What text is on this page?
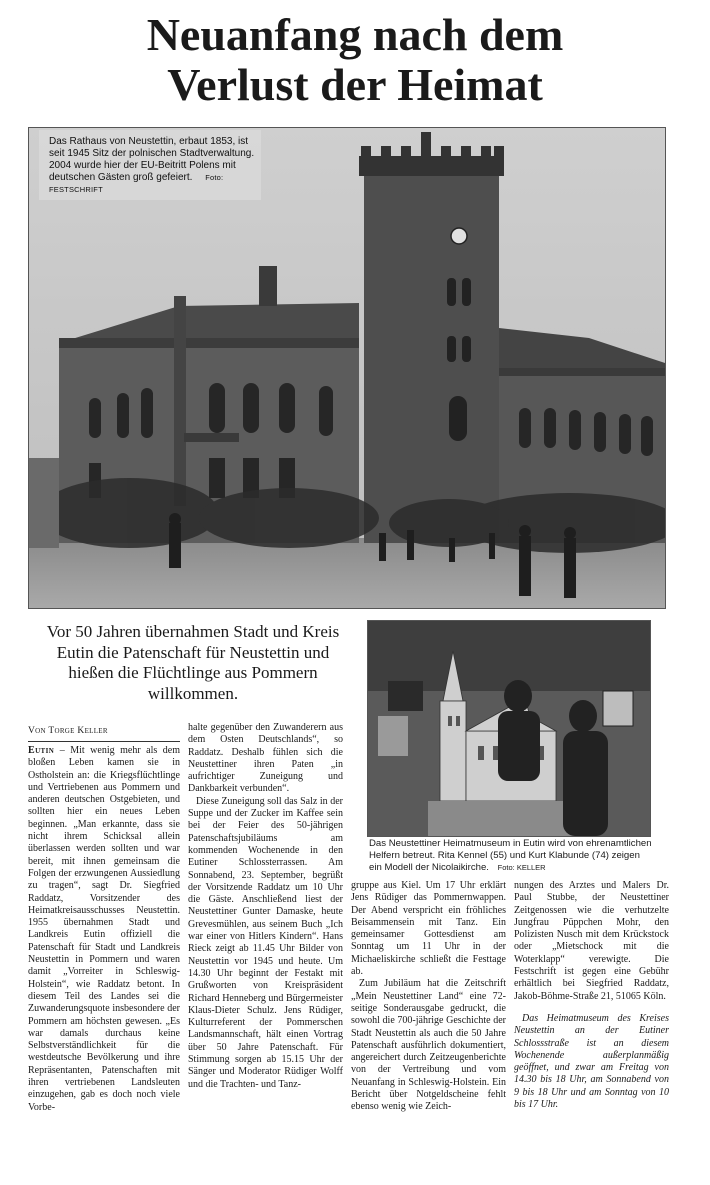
Neuanfang nach dem
Verlust der Heimat
Das Rathaus von Neustettin, erbaut 1853, ist seit 1945 Sitz der polnischen Stadtverwaltung. 2004 wurde hier der EU-Beitritt Polens mit deutschen Gästen groß gefeiert. Foto: FESTSCHRIFT
Vor 50 Jahren übernahmen Stadt und Kreis Eutin die Patenschaft für Neustettin und hießen die Flüchtlinge aus Pommern willkommen.
Das Neustettiner Heimatmuseum in Eutin wird von ehrenamtlichen Helfern betreut. Rita Kennel (55) und Kurt Klabunde (74) zeigen ein Modell der Nicolaikirche. Foto: KELLER
Von Torge Keller

Eutin – Mit wenig mehr als dem bloßen Leben kamen sie in Ostholstein an: die Kriegsflüchtlinge und Vertriebenen aus Pommern und anderen deutschen Ostgebieten, und sollten hier ein neues Leben beginnen. „Man erkannte, dass sie nicht ihrem Schicksal allein überlassen werden sollten und war bereit, mit ihnen gemeinsam die Folgen der erzwungenen Aussiedlung zu tragen“, sagt Dr. Siegfried Raddatz, Vorsitzender des Heimatkreisausschusses Neustettin. 1955 übernahmen Stadt und Landkreis Eutin offiziell die Patenschaft für Stadt und Landkreis Neustettin in Pommern und waren damit „Vorreiter in Schleswig-Holstein“, wie Raddatz betont. In diesem Teil des Landes sei die Zuwanderungsquote insbesondere der Pommern am höchsten gewesen. „Es war damals durchaus keine Selbstverständlichkeit für die westdeutsche Bevölkerung und ihre Repräsentanten, Patenschaften mit ihren vertriebenen Landsleuten einzugehen, gab es doch noch viele Vorbe-

halte gegenüber den Zuwanderern aus dem Osten Deutschlands“, so Raddatz. Deshalb fühlen sich die Neustettiner ihren Paten „in aufrichtiger Zuneigung und Dankbarkeit verbunden“.

Diese Zuneigung soll das Salz in der Suppe und der Zucker im Kaffee sein bei der Feier des 50-jährigen Patenschaftsjubiläums am kommenden Wochenende in den Eutiner Schlossterrassen. Am Sonnabend, 23. September, begrüßt der Vorsitzende Raddatz um 10 Uhr die Gäste. Anschließend liest der Neustettiner Gunter Damaske, heute Grevesmühlen, aus seinem Buch „Ich war einer von Hitlers Kindern“. Hans Rieck zeigt ab 11.45 Uhr Bilder von Neustettin vor 1945 und heute. Um 14.30 Uhr beginnt der Festakt mit Grußworten von Kreispräsident Richard Henneberg und Bürgermeister Klaus-Dieter Schulz. Jens Rüdiger, Kulturreferent der Pommerschen Landsmannschaft, hält einen Vortrag über 50 Jahre Patenschaft. Für Stimmung sorgen ab 15.15 Uhr der Sänger und Moderator Rüdiger Wolff und die Trachten- und Tanz-

gruppe aus Kiel. Um 17 Uhr erklärt Jens Rüdiger das Pommernwappen. Der Abend verspricht ein fröhliches Beisammensein mit Tanz. Ein gemeinsamer Gottesdienst am Sonntag um 11 Uhr in der Michaeliskirche schließt die Festtage ab.

Zum Jubiläum hat die Zeitschrift „Mein Neustettiner Land“ eine 72-seitige Sonderausgabe gedruckt, die sowohl die 700-jährige Geschichte der Stadt Neustettin als auch die 50 Jahre Patenschaft ausführlich dokumentiert, angereichert durch Zeitzeugenberichte von der Vertreibung und vom Neuanfang in Schleswig-Holstein. Ein Bericht über Notgeldscheine fehlt ebenso wenig wie Zeich-

nungen des Arztes und Malers Dr. Paul Stubbe, der Neustettiner Zeitgenossen wie die verhutzelte Jungfrau Püppchen Mohr, den Polizisten Nusch mit dem Krückstock oder „Mietschock mit die Woterklapp“ verewigte. Die Festschrift ist gegen eine Gebühr erhältlich bei Siegfried Raddatz, Jakob-Böhme-Straße 21, 51065 Köln.

Das Heimatmuseum des Kreises Neustettin an der Eutiner Schlossstraße ist an diesem Wochenende außerplanmäßig geöffnet, und zwar am Freitag von 14.30 bis 18 Uhr, am Sonnabend von 9 bis 18 Uhr und am Sonntag von 10 bis 17 Uhr.
